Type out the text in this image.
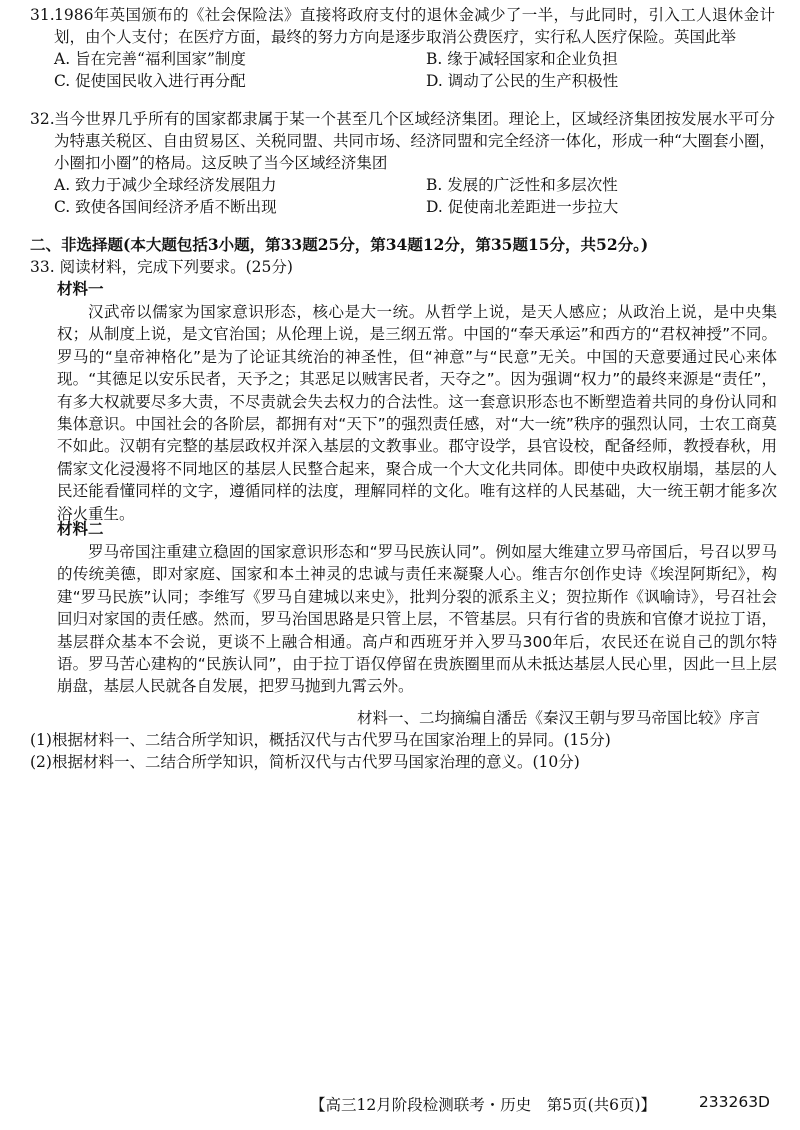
31. 1986年英国颁布的《社会保险法》直接将政府支付的退休金减少了一半，与此同时，引入工人退休金计划，由个人支付；在医疗方面，最终的努力方向是逐步取消公费医疗，实行私人医疗保险。英国此举
A. 旨在完善“福利国家”制度	B. 缘于减轻国家和企业负担
C. 促使国民收入进行再分配	D. 调动了公民的生产积极性
32. 当今世界几乎所有的国家都隶属于某一个甚至几个区域经济集团。理论上，区域经济集团按发展水平可分为特惠关税区、自由贸易区、关税同盟、共同市场、经济同盟和完全经济一体化，形成一种“大圈套小圈，小圈扣小圈”的格局。这反映了当今区域经济集团
A. 致力于减少全球经济发展阻力	B. 发展的广泛性和多层次性
C. 致使各国间经济矛盾不断出现	D. 促使南北差距进一步拉大
二、非选择题(本大题包括3小题，第33题25分，第34题12分，第35题15分，共52分。)
33. 阅读材料，完成下列要求。(25分)
材料一
汉武帝以儒家为国家意识形态，核心是大一统。从哲学上说，是天人感应；从政治上说，是中央集权；从制度上说，是文官治国；从伦理上说，是三纲五常。中国的“奉天承运”和西方的“君权神授”不同。罗马的“皇帝神格化”是为了论证其统治的神圣性，但“神意”与“民意”无关。中国的天意要通过民心来体现。“其德足以安乐民者，天予之；其恶足以贼害民者，天夺之”。因为强调“权力”的最终来源是“责任”，有多大权就要尽多大责，不尽责就会失去权力的合法性。这一套意识形态也不断塑造着共同的身份认同和集体意识。中国社会的各阶层，都拥有对“天下”的强烈责任感，对“大一统”秩序的强烈认同，士农工商莫不如此。汉朝有完整的基层政权并深入基层的文教事业。郡守设学，县官设校，配备经师，教授春秋，用儒家文化浸漫将不同地区的基层人民整合起来，聚合成一个大文化共同体。即使中央政权崩塌，基层的人民还能看懂同样的文字，遵循同样的法度，理解同样的文化。唯有这样的人民基础，大一统王朝才能多次浴火重生。
材料二
罗马帝国注重建立稳固的国家意识形态和“罗马民族认同”。例如屋大维建立罗马帝国后，号召以罗马的传统美德，即对家庭、国家和本土神灵的忠诚与责任来凝聚人心。维吉尔创作史诗《埃涅阿斯纪》，构建“罗马民族”认同；李维写《罗马自建城以来史》，批判分裂的派系主义；贺拉斯作《讽喻诗》，号召社会回归对家国的责任感。然而，罗马治国思路是只管上层，不管基层。只有行省的贵族和官僚才说拉丁语，基层群众基本不会说，更谈不上融合相通。高卢和西班牙并入罗马300年后，农民还在说自己的凯尔特语。罗马苦心建构的“民族认同”，由于拉丁语仅停留在贵族圈里而从未抵达基层人民心里，因此一旦上层崩盘，基层人民就各自发展，把罗马抛到九霄云外。
材料一、二均摘编自潘岳《秦汉王朝与罗马帝国比较》序言
(1)根据材料一、二结合所学知识，概括汉代与古代罗马在国家治理上的异同。(15分)
(2)根据材料一、二结合所学知识，简析汉代与古代罗马国家治理的意义。(10分)
【高三12月阶段检测联考・历史　第5页(共6页)】	233263D
